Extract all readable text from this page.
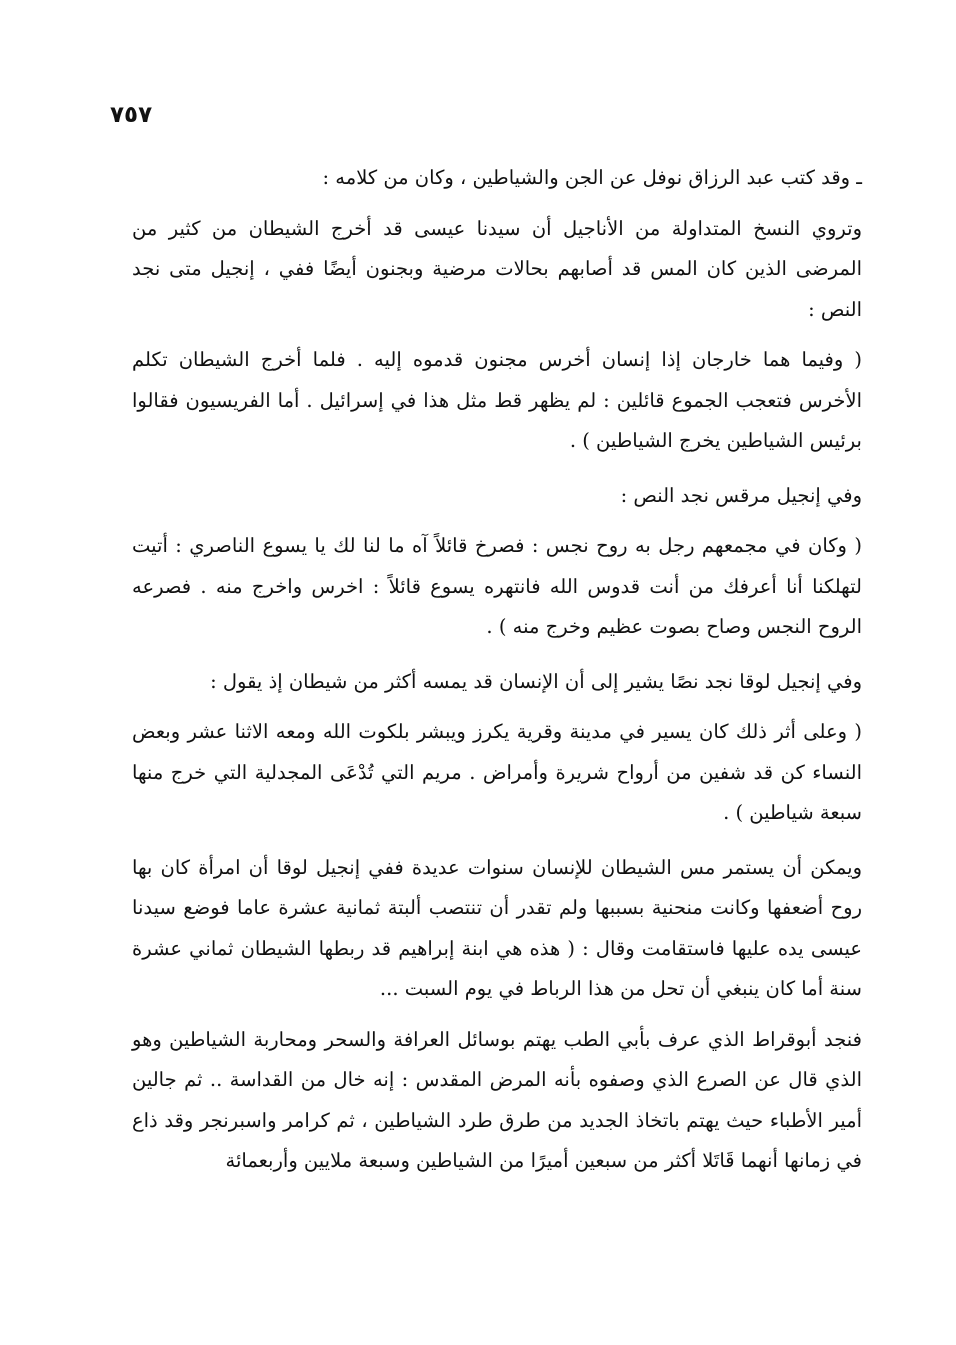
٧٥٧

ـ وقد كتب عبد الرزاق نوفل عن الجن والشياطين ، وكان من كلامه :

وتروي النسخ المتداولة من الأناجيل أن سيدنا عيسى قد أخرج الشيطان من كثير من المرضى الذين كان المس قد أصابهم بحالات مرضية وبجنون أيضًا ففي ، إنجيل متى نجد النص :

( وفيما هما خارجان إذا إنسان أخرس مجنون قدموه إليه . فلما أخرج الشيطان تكلم الأخرس فتعجب الجموع قائلين : لم يظهر قط مثل هذا في إسرائيل . أما الفريسيون فقالوا برئيس الشياطين يخرج الشياطين ) .

وفي إنجيل مرقس نجد النص :

( وكان في مجمعهم رجل به روح نجس : فصرخ قائلاً آه ما لنا لك يا يسوع الناصري : أتيت لتهلكنا أنا أعرفك من أنت قدوس الله فانتهره يسوع قائلاً : اخرس واخرج منه . فصرعه الروح النجس وصاح بصوت عظيم وخرج منه ) .

وفي إنجيل لوقا نجد نصًا يشير إلى أن الإنسان قد يمسه أكثر من شيطان إذ يقول :

( وعلى أثر ذلك كان يسير في مدينة وقرية يكرز ويبشر بلكوت الله ومعه الاثنا عشر وبعض النساء كن قد شفين من أرواح شريرة وأمراض . مريم التي تُدْعَى المجدلية التي خرج منها سبعة شياطين ) .

ويمكن أن يستمر مس الشيطان للإنسان سنوات عديدة ففي إنجيل لوقا أن امرأة كان بها روح أضعفها وكانت منحنية بسببها ولم تقدر أن تنتصب ألبتة ثمانية عشرة عاما فوضع سيدنا عيسى يده عليها فاستقامت وقال : ( هذه هي ابنة إبراهيم قد ربطها الشيطان ثماني عشرة سنة أما كان ينبغي أن تحل من هذا الرباط في يوم السبت ...

فنجد أبوقراط الذي عرف بأبي الطب يهتم بوسائل العرافة والسحر ومحاربة الشياطين وهو الذي قال عن الصرع الذي وصفوه بأنه المرض المقدس : إنه خال من القداسة .. ثم جالين أمير الأطباء حيث يهتم باتخاذ الجديد من طرق طرد الشياطين ، ثم كرامر واسبرنجر وقد ذاع في زمانها أنهما قَاتَلا أكثر من سبعين أميرًا من الشياطين وسبعة ملايين وأربعمائة
